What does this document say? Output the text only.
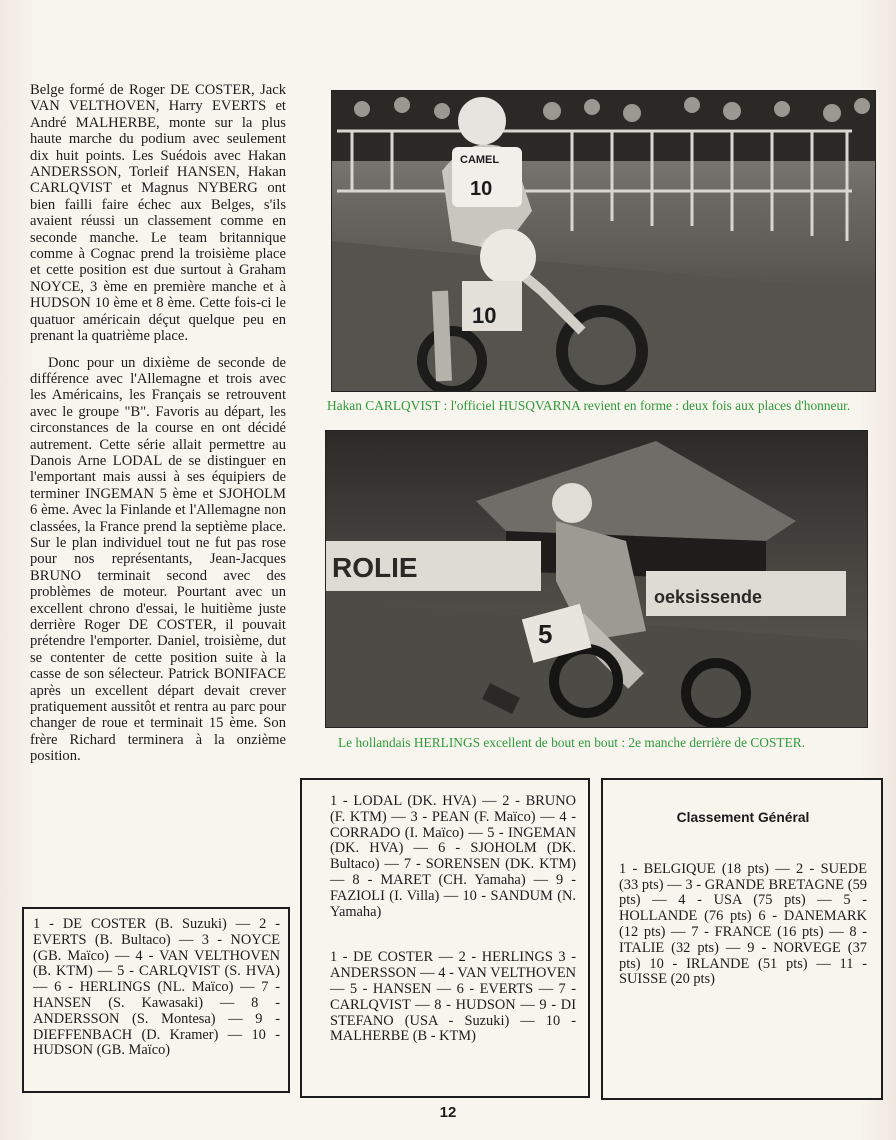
Belge formé de Roger DE COSTER, Jack VAN VELTHOVEN, Harry EVERTS et André MALHERBE, monte sur la plus haute marche du podium avec seulement dix huit points. Les Suédois avec Hakan ANDERSSON, Torleif HANSEN, Hakan CARLQVIST et Magnus NYBERG ont bien failli faire échec aux Belges, s'ils avaient réussi un classement comme en seconde manche. Le team britannique comme à Cognac prend la troisième place et cette position est due surtout à Graham NOYCE, 3 ème en première manche et à HUDSON 10 ème et 8 ème. Cette fois-ci le quatuor américain déçut quelque peu en prenant la quatrième place.

Donc pour un dixième de seconde de différence avec l'Allemagne et trois avec les Américains, les Français se retrouvent avec le groupe "B". Favoris au départ, les circonstances de la course en ont décidé autrement. Cette série allait permettre au Danois Arne LODAL de se distinguer en l'emportant mais aussi à ses équipiers de terminer INGEMAN 5 ème et SJOHOLM 6 ème. Avec la Finlande et l'Allemagne non classées, la France prend la septième place. Sur le plan individuel tout ne fut pas rose pour nos représentants, Jean-Jacques BRUNO terminait second avec des problèmes de moteur. Pourtant avec un excellent chrono d'essai, le huitième juste derrière Roger DE COSTER, il pouvait prétendre l'emporter. Daniel, troisième, dut se contenter de cette position suite à la casse de son sélecteur. Patrick BONIFACE après un excellent départ devait crever pratiquement aussitôt et rentra au parc pour changer de roue et terminait 15 ème. Son frère Richard terminera à la onzième position.

10
CAMEL
10
Hakan CARLQVIST : l'officiel HUSQVARNA revient en forme : deux fois aux places d'honneur.
ROLIE
oeksissende
5
Le hollandais HERLINGS excellent de bout en bout : 2e manche derrière de COSTER.

1 - DE COSTER (B. Suzuki) — 2 - EVERTS (B. Bultaco) — 3 - NOYCE (GB. Maïco) — 4 - VAN VELTHOVEN (B. KTM) — 5 - CARLQVIST (S. HVA) — 6 - HERLINGS (NL. Maïco) — 7 - HANSEN (S. Kawasaki) — 8 - ANDERSSON (S. Montesa) — 9 - DIEFFENBACH (D. Kramer) — 10 - HUDSON (GB. Maïco)

1 - LODAL (DK. HVA) — 2 - BRUNO (F. KTM) — 3 - PEAN (F. Maïco) — 4 - CORRADO (I. Maïco) — 5 - INGEMAN (DK. HVA) — 6 - SJOHOLM (DK. Bultaco) — 7 - SORENSEN (DK. KTM) — 8 - MARET (CH. Yamaha) — 9 - FAZIOLI (I. Villa) — 10 - SANDUM (N. Yamaha)

1 - DE COSTER — 2 - HERLINGS 3 - ANDERSSON — 4 - VAN VELTHOVEN — 5 - HANSEN — 6 - EVERTS — 7 - CARLQVIST — 8 - HUDSON — 9 - DI STEFANO (USA - Suzuki) — 10 - MALHERBE (B - KTM)

Classement Général

1 - BELGIQUE (18 pts) — 2 - SUEDE (33 pts) — 3 - GRANDE BRETAGNE (59 pts) — 4 - USA (75 pts) — 5 - HOLLANDE (76 pts) 6 - DANEMARK (12 pts) — 7 - FRANCE (16 pts) — 8 - ITALIE (32 pts) — 9 - NORVEGE (37 pts) 10 - IRLANDE (51 pts) — 11 - SUISSE (20 pts)

12
